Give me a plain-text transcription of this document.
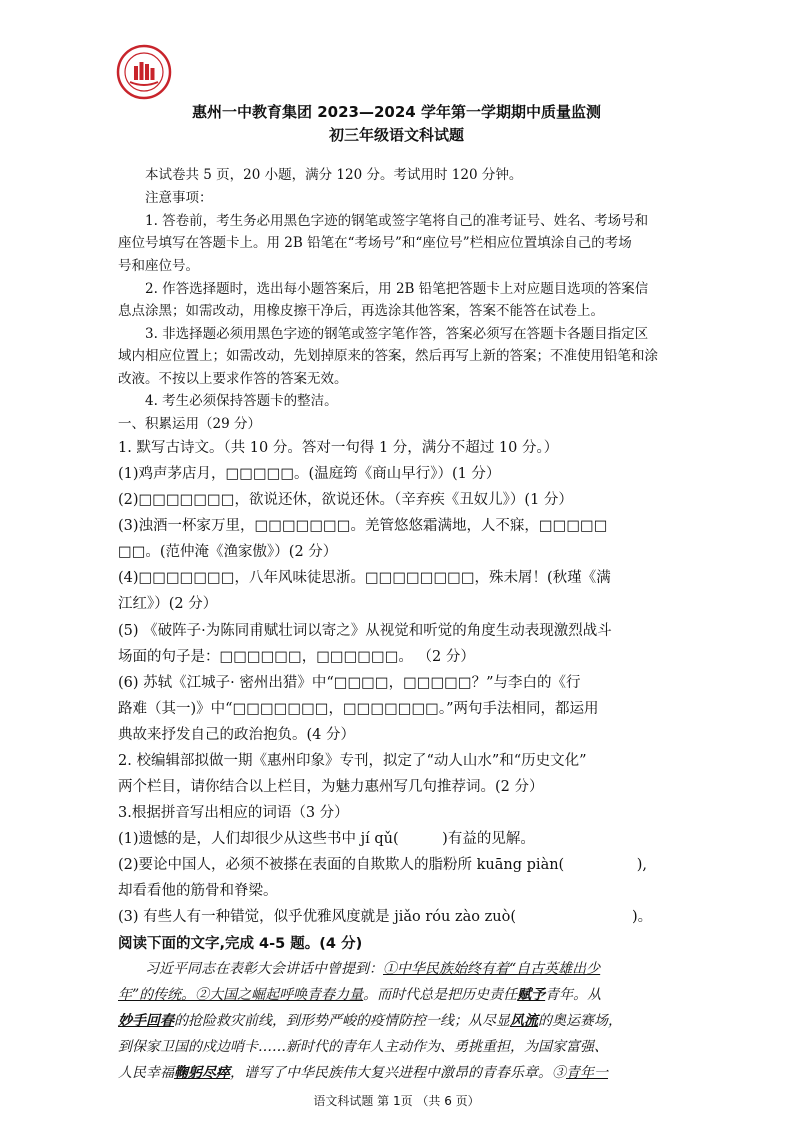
惠州一中教育集团 2023—2024 学年第一学期期中质量监测
初三年级语文科试题
本试卷共 5 页，20 小题，满分 120 分。考试用时 120 分钟。
注意事项：
1. 答卷前，考生务必用黑色字迹的钢笔或签字笔将自己的准考证号、姓名、考场号和
座位号填写在答题卡上。用 2B 铅笔在“考场号”和“座位号”栏相应位置填涂自己的考场
号和座位号。
2. 作答选择题时，选出每小题答案后，用 2B 铅笔把答题卡上对应题目选项的答案信
息点涂黑；如需改动，用橡皮擦干净后，再选涂其他答案，答案不能答在试卷上。
3. 非选择题必须用黑色字迹的钢笔或签字笔作答，答案必须写在答题卡各题目指定区
域内相应位置上；如需改动，先划掉原来的答案，然后再写上新的答案；不准使用铅笔和涂
改液。不按以上要求作答的答案无效。
4. 考生必须保持答题卡的整洁。
一、积累运用（29 分）
1. 默写古诗文。（共 10 分。答对一句得 1 分，满分不超过 10 分。）
(1)鸡声茅店月，□□□□□。(温庭筠《商山早行》）(1 分）
(2)□□□□□□□，欲说还休，欲说还休。（辛弃疾《丑奴儿》）(1 分）
(3)浊酒一杯家万里，□□□□□□□。羌管悠悠霜满地，人不寐，□□□□□
□□。(范仲淹《渔家傲》）(2 分）
(4)□□□□□□□，八年风味徒思浙。□□□□□□□□，殊未屑！(秋瑾《满
江红》）(2 分）
(5) 《破阵子·为陈同甫赋壮词以寄之》从视觉和听觉的角度生动表现激烈战斗
场面的句子是：□□□□□□，□□□□□□。 （2 分）
(6) 苏轼《江城子· 密州出猎》中“□□□□，□□□□□？”与李白的《行
路难（其一)》中“□□□□□□□，□□□□□□□。”两句手法相同，都运用
典故来抒发自己的政治抱负。(4 分）
2. 校编辑部拟做一期《惠州印象》专刊，拟定了“动人山水”和“历史文化”
两个栏目，请你结合以上栏目，为魅力惠州写几句推荐词。(2 分）
3.根据拼音写出相应的词语（3 分）
(1)遗憾的是，人们却很少从这些书中 jí qǔ(　　　)有益的见解。
(2)要论中国人，必须不被搽在表面的自欺欺人的脂粉所 kuāng piàn(　　　　　),
却看看他的筋骨和脊梁。
(3) 有些人有一种错觉，似乎优雅风度就是 jiǎo róu zào zuò(　　　　　　　　)。
阅读下面的文字,完成 4-5 题。(4 分)
习近平同志在表彰大会讲话中曾提到：①中华民族始终有着“自古英雄出少
年”的传统。②大国之崛起呼唤青春力量。而时代总是把历史责任赋予青年。从
妙手回春的抢险救灾前线，到形势严峻的疫情防控一线；从尽显风流的奥运赛场，
语文科试题 第 1页 （共 6 页）
到保家卫国的戍边哨卡……新时代的青年人主动作为、勇挑重担，为国家富强、
人民幸福鞠躬尽瘁，谱写了中华民族伟大复兴进程中激昂的青春乐章。③青年一
